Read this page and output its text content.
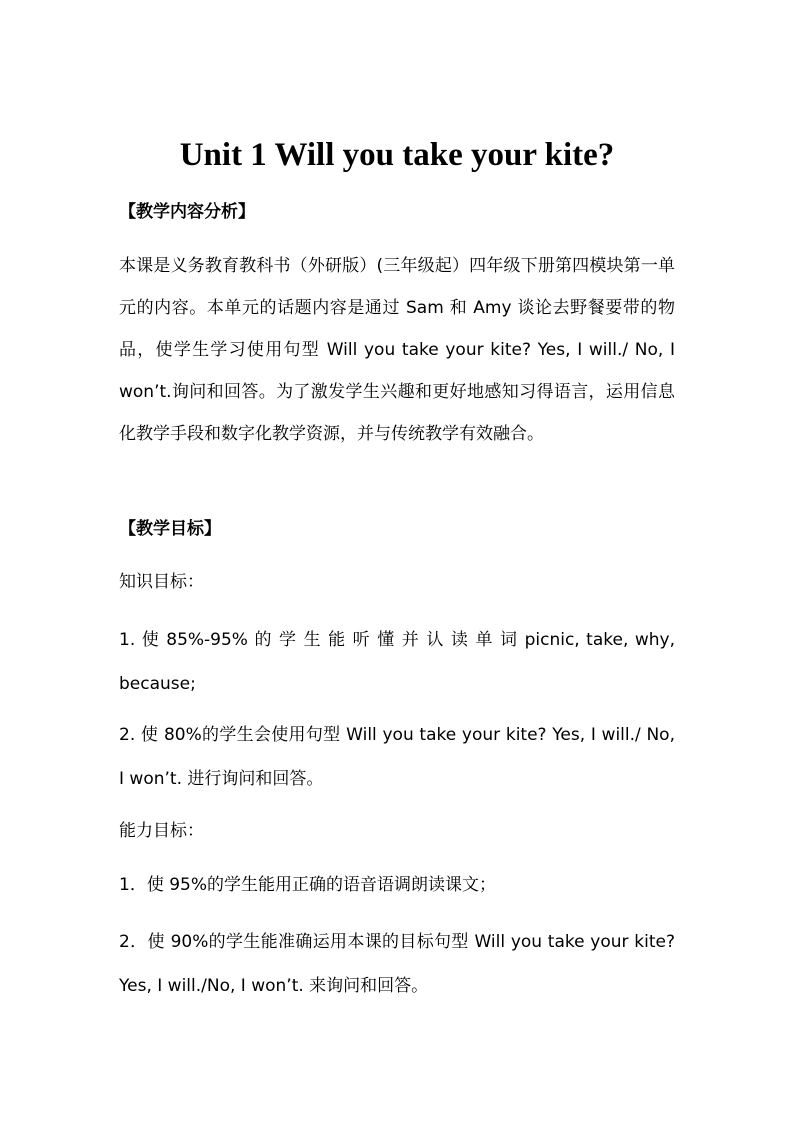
Unit 1 Will you take your kite?
【教学内容分析】

本课是义务教育教科书（外研版）(三年级起）四年级下册第四模块第一单元的内容。本单元的话题内容是通过 Sam 和 Amy 谈论去野餐要带的物品，使学生学习使用句型 Will you take your kite? Yes, I will./ No, I won’t.询问和回答。为了激发学生兴趣和更好地感知习得语言，运用信息化教学手段和数字化教学资源，并与传统教学有效融合。

【教学目标】

知识目标：

1. 使 85%-95% 的 学 生 能 听 懂 并 认 读 单 词 picnic, take, why, because;

2. 使 80%的学生会使用句型 Will you take your kite? Yes, I will./ No, I won’t. 进行询问和回答。

能力目标：

1．使 95%的学生能用正确的语音语调朗读课文；

2．使 90%的学生能准确运用本课的目标句型 Will you take your kite? Yes, I will./No, I won’t. 来询问和回答。
